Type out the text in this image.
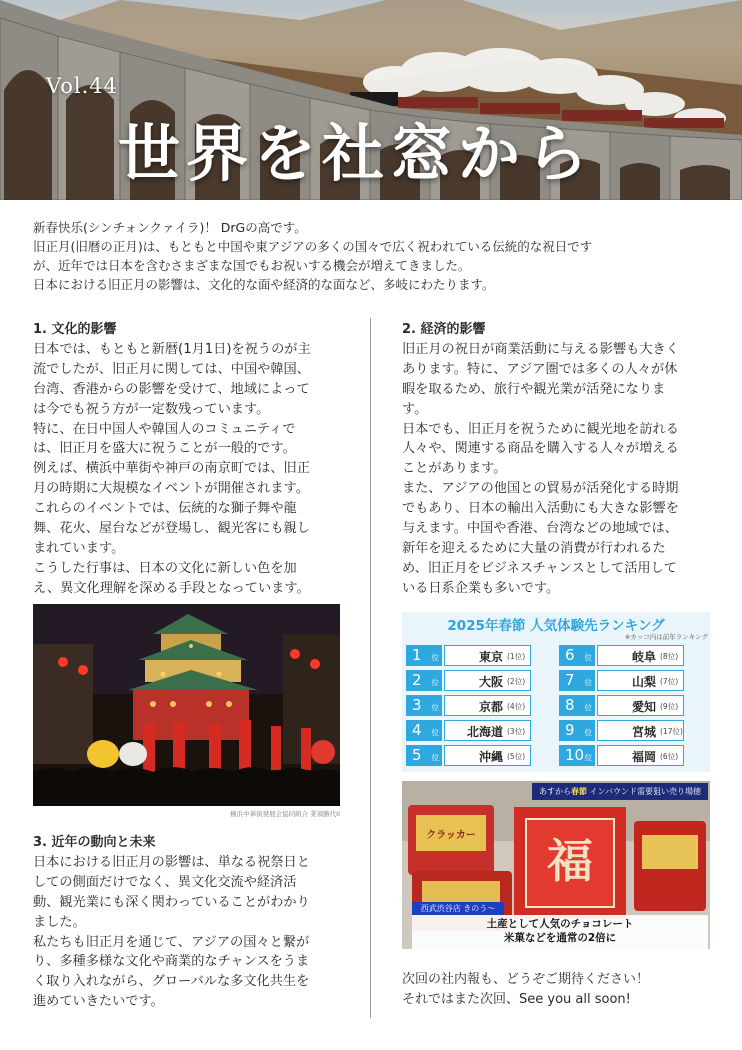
Vol.44
世界を社窓から

新春快乐(シンチォンクァイラ)！ DrGの高です。

旧正月(旧暦の正月)は、もともと中国や東アジアの多くの国々で広く祝われている伝統的な祝日です

が、近年では日本を含むさまざまな国でもお祝いする機会が増えてきました。

日本における旧正月の影響は、文化的な面や経済的な面など、多岐にわたります。

1. 文化的影響

日本では、もともと新暦(1月1日)を祝うのが主

流でしたが、旧正月に関しては、中国や韓国、

台湾、香港からの影響を受けて、地域によって

は今でも祝う方が一定数残っています。

特に、在日中国人や韓国人のコミュニティで

は、旧正月を盛大に祝うことが一般的です。

例えば、横浜中華街や神戸の南京町では、旧正

月の時期に大規模なイベントが開催されます。

これらのイベントでは、伝統的な獅子舞や龍

舞、花火、屋台などが登場し、観光客にも親し

まれています。

こうした行事は、日本の文化に新しい色を加

え、異文化理解を深める手段となっています。

横浜中華街発展会協同組合 業須勝代II

2. 経済的影響

旧正月の祝日が商業活動に与える影響も大きく

あります。特に、アジア圏では多くの人々が休

暇を取るため、旅行や観光業が活発になりま

す。

日本でも、旧正月を祝うために観光地を訪れる

人々や、関連する商品を購入する人々が増える

ことがあります。

また、アジアの他国との貿易が活発化する時期

でもあり、日本の輸出入活動にも大きな影響を

与えます。中国や香港、台湾などの地域では、

新年を迎えるために大量の消費が行われるた

め、旧正月をビジネスチャンスとして活用して

いる日系企業も多いです。

2025年春節 人気体験先ランキング
※カッコ内は前年ランキング
1 位	東京 (1位)
2 位	大阪 (2位)
3 位	京都 (4位)
4 位	北海道 (3位)
5 位	沖縄 (5位)
6 位	岐阜 (8位)
7 位	山梨 (7位)
8 位	愛知 (9位)
9 位	宮城 (17位)
10 位	福岡 (6位)
クラッカー 福
あすから春節 インバウンド需要狙い売り場徳
西武渋谷店 きのう〜
土産として人気のチョコレート
米菓などを通常の2倍に

3. 近年の動向と未来

日本における旧正月の影響は、単なる祝祭日と

しての側面だけでなく、異文化交流や経済活

動、観光業にも深く関わっていることがわかり

ました。

私たちも旧正月を通じて、アジアの国々と繋が

り、多種多様な文化や商業的なチャンスをうま

く取り入れながら、グローバルな多文化共生を

進めていきたいです。

次回の社内報も、どうぞご期待ください！

それではまた次回、See you all soon!
